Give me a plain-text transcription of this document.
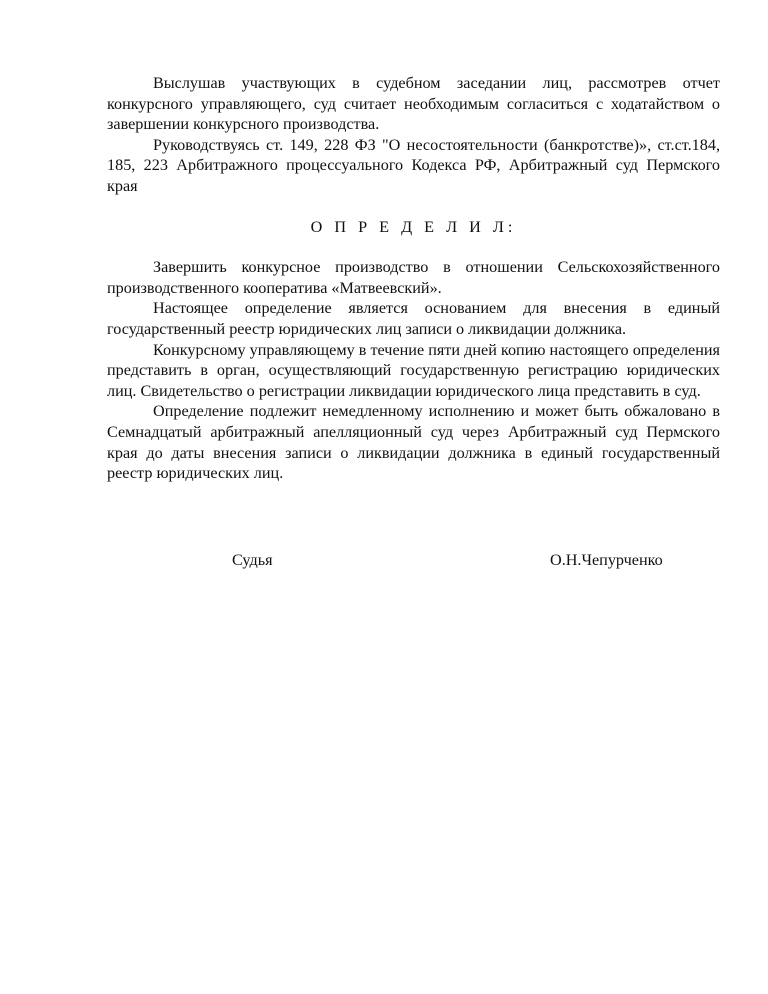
Выслушав участвующих в судебном заседании лиц, рассмотрев отчет конкурсного управляющего, суд считает необходимым согласиться с ходатайством о завершении конкурсного производства.

Руководствуясь ст. 149, 228 ФЗ "О несостоятельности (банкротстве)», ст.ст.184, 185, 223 Арбитражного процессуального Кодекса РФ, Арбитражный суд Пермского края

О П Р Е Д Е Л И Л:

Завершить конкурсное производство в отношении Сельскохозяйственного производственного кооператива «Матвеевский».

Настоящее определение является основанием для внесения в единый государственный реестр юридических лиц записи о ликвидации должника.

Конкурсному управляющему в течение пяти дней копию настоящего определения представить в орган, осуществляющий государственную регистрацию юридических лиц. Свидетельство о регистрации ликвидации юридического лица представить в суд.

Определение подлежит немедленному исполнению и может быть обжаловано в Семнадцатый арбитражный апелляционный суд через Арбитражный суд Пермского края до даты внесения записи о ликвидации должника в единый государственный реестр юридических лиц.

Судья	О.Н.Чепурченко
